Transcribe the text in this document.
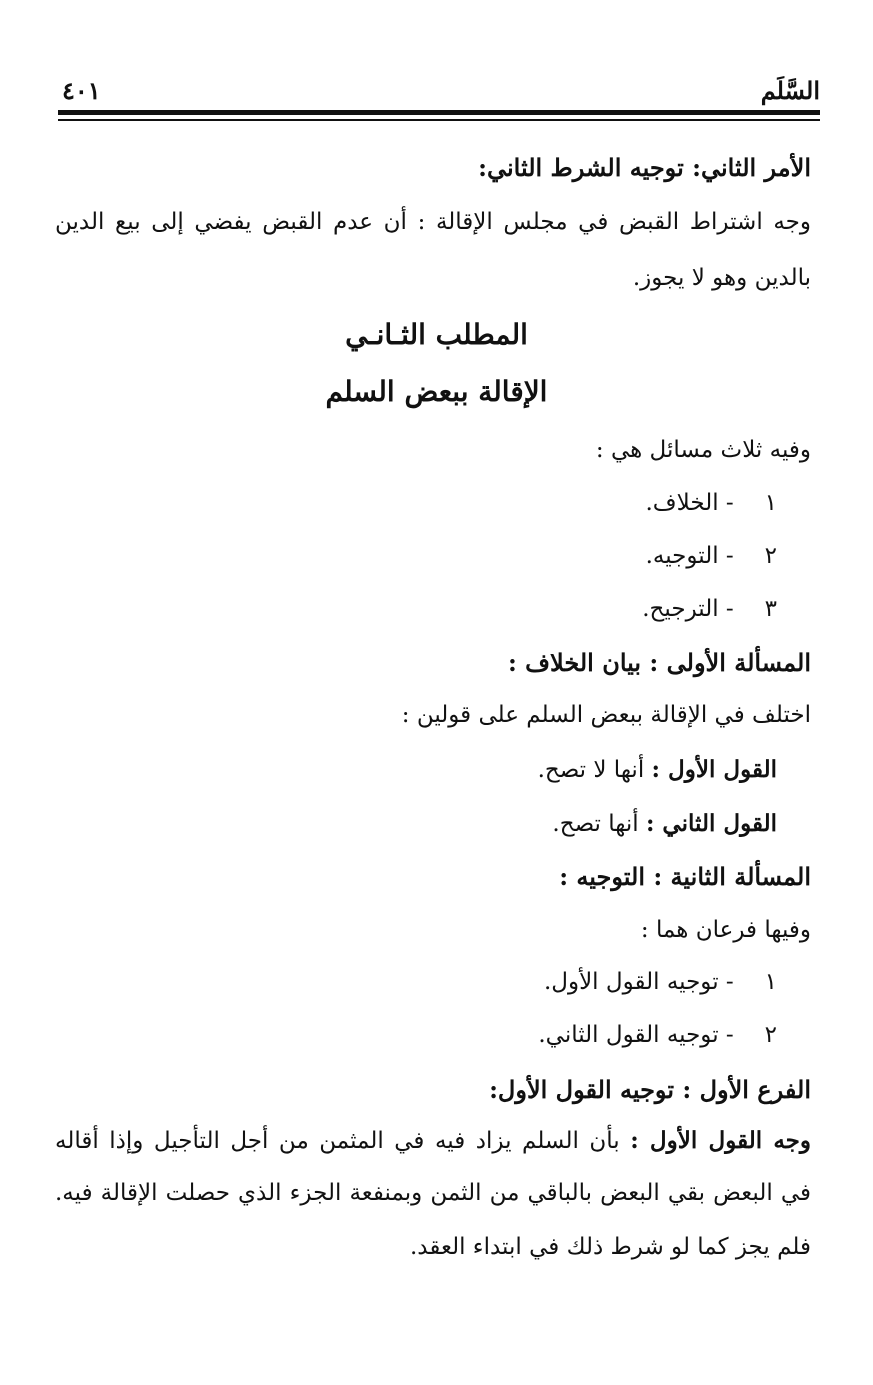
السَّلَم
٤٠١
الأمر الثاني: توجيه الشرط الثاني:
وجه اشتراط القبض في مجلس الإقالة : أن عدم القبض يفضي إلى بيع الدين
بالدين وهو لا يجوز.
المطلب الثـانـي
الإقالة ببعض السلم
وفيه ثلاث مسائل هي :
١ - الخلاف.
٢ - التوجيه.
٣ - الترجيح.
المسألة الأولى : بيان الخلاف :
اختلف في الإقالة ببعض السلم على قولين :
القول الأول : أنها لا تصح.
القول الثاني : أنها تصح.
المسألة الثانية : التوجيه :
وفيها فرعان هما :
١ - توجيه القول الأول.
٢ - توجيه القول الثاني.
الفرع الأول : توجيه القول الأول:
وجه القول الأول : بأن السلم يزاد فيه في المثمن من أجل التأجيل وإذا أقاله
في البعض بقي البعض بالباقي من الثمن وبمنفعة الجزء الذي حصلت الإقالة فيه.
فلم يجز كما لو شرط ذلك في ابتداء العقد.
